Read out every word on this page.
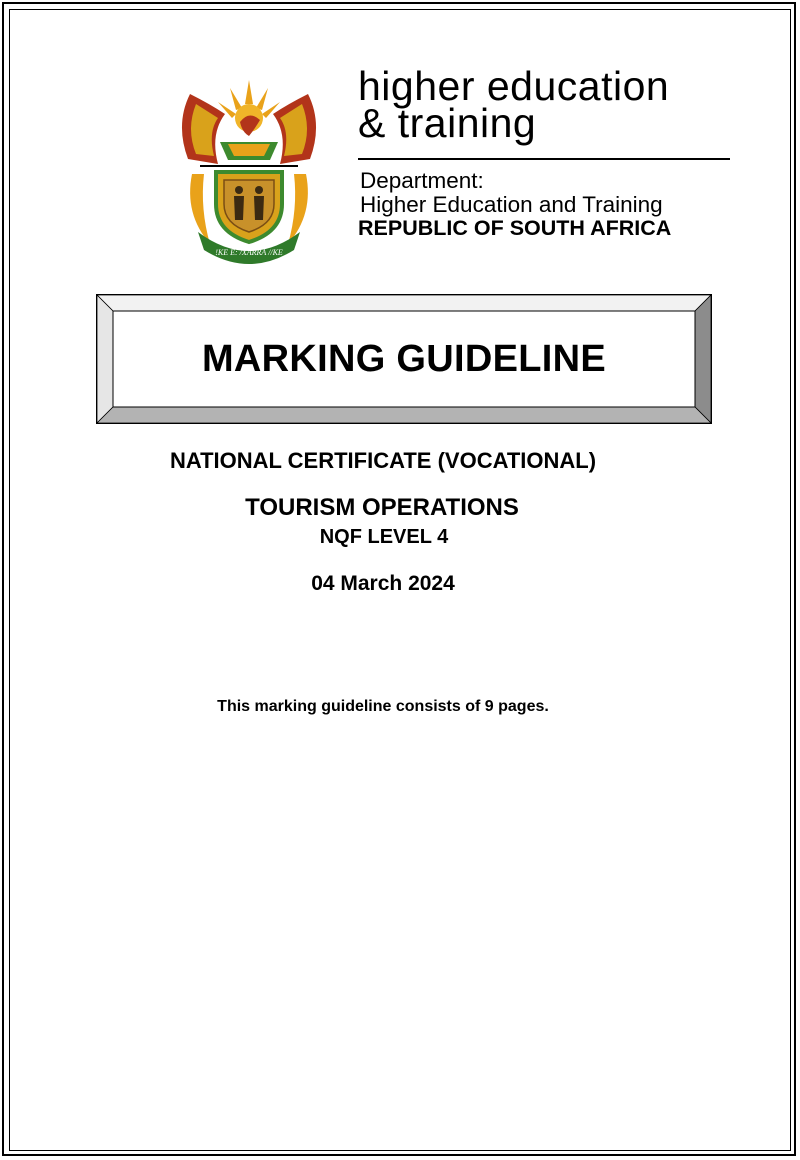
!KE E: /XARRA //KE
higher education
& training
Department:
Higher Education and Training
REPUBLIC OF SOUTH AFRICA
MARKING GUIDELINE
NATIONAL CERTIFICATE (VOCATIONAL)
TOURISM OPERATIONS
NQF LEVEL 4
04 March 2024
This marking guideline consists of 9 pages.
